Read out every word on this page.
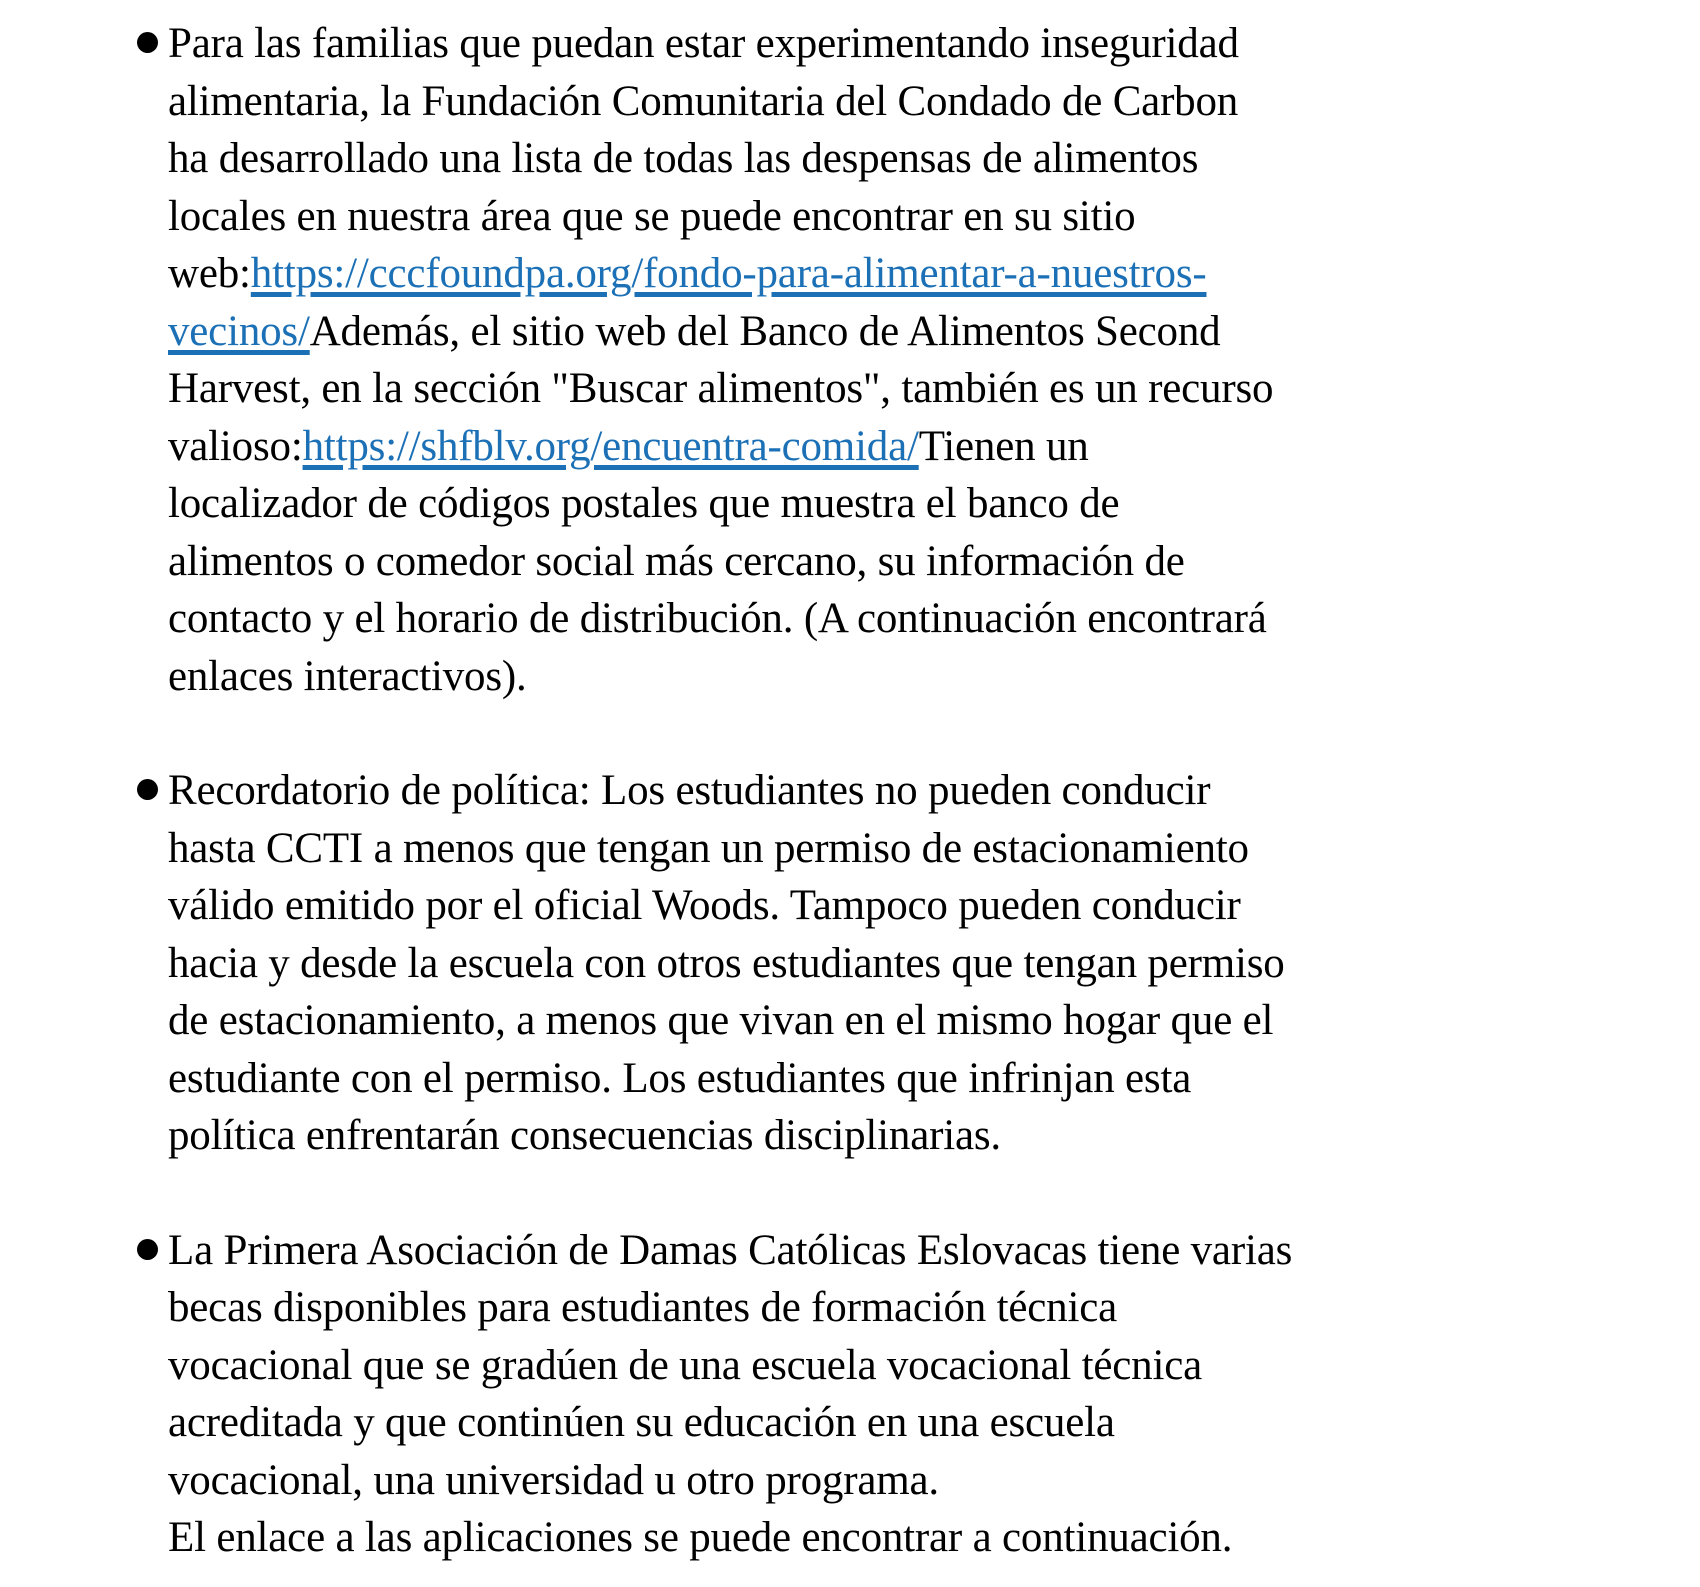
Para las familias que puedan estar experimentando inseguridad
alimentaria, la Fundación Comunitaria del Condado de Carbon
ha desarrollado una lista de todas las despensas de alimentos
locales en nuestra área que se puede encontrar en su sitio
web:https://cccfoundpa.org/fondo-para-alimentar-a-nuestros-
vecinos/Además, el sitio web del Banco de Alimentos Second
Harvest, en la sección "Buscar alimentos", también es un recurso
valioso:https://shfblv.org/encuentra-comida/Tienen un
localizador de códigos postales que muestra el banco de
alimentos o comedor social más cercano, su información de
contacto y el horario de distribución. (A continuación encontrará
enlaces interactivos).
Recordatorio de política: Los estudiantes no pueden conducir
hasta CCTI a menos que tengan un permiso de estacionamiento
válido emitido por el oficial Woods. Tampoco pueden conducir
hacia y desde la escuela con otros estudiantes que tengan permiso
de estacionamiento, a menos que vivan en el mismo hogar que el
estudiante con el permiso. Los estudiantes que infrinjan esta
política enfrentarán consecuencias disciplinarias.
La Primera Asociación de Damas Católicas Eslovacas tiene varias
becas disponibles para estudiantes de formación técnica
vocacional que se gradúen de una escuela vocacional técnica
acreditada y que continúen su educación en una escuela
vocacional, una universidad u otro programa.
El enlace a las aplicaciones se puede encontrar a continuación.
